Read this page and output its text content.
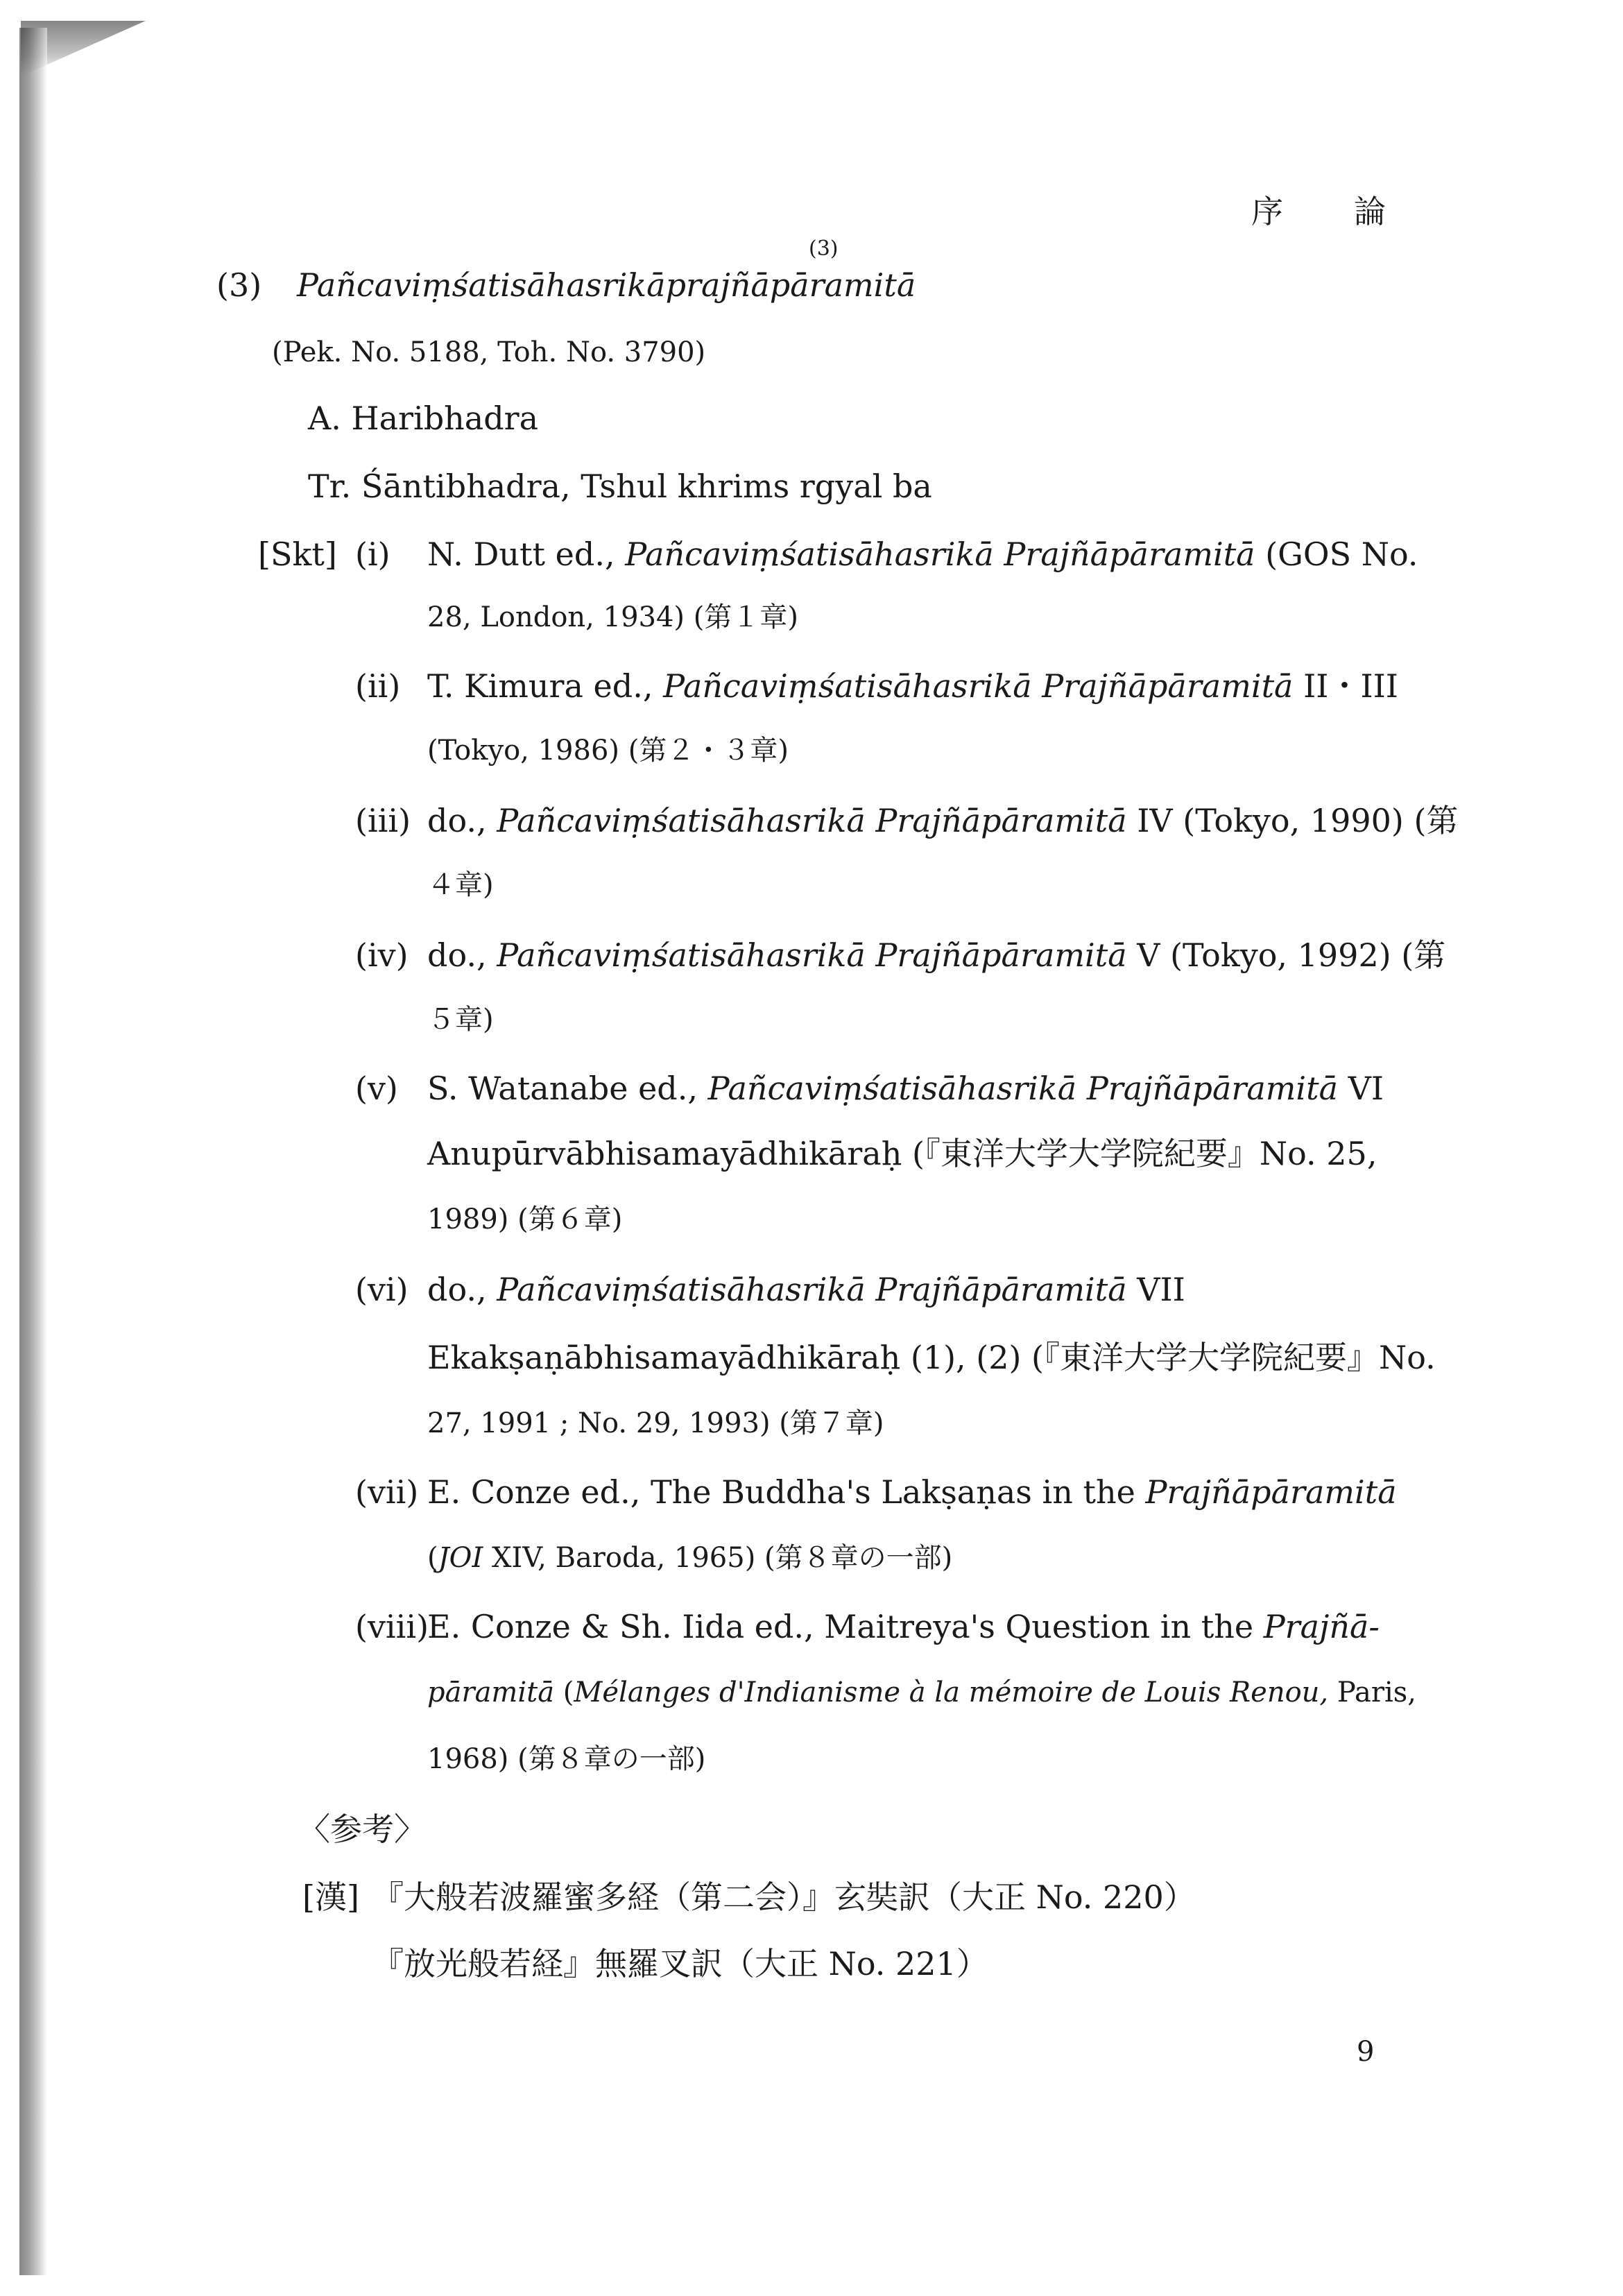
序 論
(3)
(3) Pañcaviṃśatisāhasrikāprajñāpāramitā
(Pek. No. 5188, Toh. No. 3790)
A. Haribhadra
Tr. Śāntibhadra, Tshul khrims rgyal ba
[Skt] (i) N. Dutt ed., Pañcaviṃśatisāhasrikā Prajñāpāramitā (GOS No.
28, London, 1934) (第１章)
(ii) T. Kimura ed., Pañcaviṃśatisāhasrikā Prajñāpāramitā II・III
(Tokyo, 1986) (第２・３章)
(iii) do., Pañcaviṃśatisāhasrikā Prajñāpāramitā IV (Tokyo, 1990) (第
４章)
(iv) do., Pañcaviṃśatisāhasrikā Prajñāpāramitā V (Tokyo, 1992) (第
５章)
(v) S. Watanabe ed., Pañcaviṃśatisāhasrikā Prajñāpāramitā VI
Anupūrvābhisamayādhikāraḥ (『東洋大学大学院紀要』No. 25,
1989) (第６章)
(vi) do., Pañcaviṃśatisāhasrikā Prajñāpāramitā VII
Ekakṣaṇābhisamayādhikāraḥ (1), (2) (『東洋大学大学院紀要』No.
27, 1991 ; No. 29, 1993) (第７章)
(vii) E. Conze ed., The Buddha's Lakṣaṇas in the Prajñāpāramitā
(JOI XIV, Baroda, 1965) (第８章の一部)
(viii)
E. Conze & Sh. Iida ed., Maitreya's Question in the Prajñā-
pāramitā (Mélanges d'Indianisme à la mémoire de Louis Renou, Paris,
1968) (第８章の一部)
〈参考〉
[漢] 『大般若波羅蜜多経（第二会）』玄奘訳（大正 No. 220）
『放光般若経』無羅叉訳（大正 No. 221）
9
